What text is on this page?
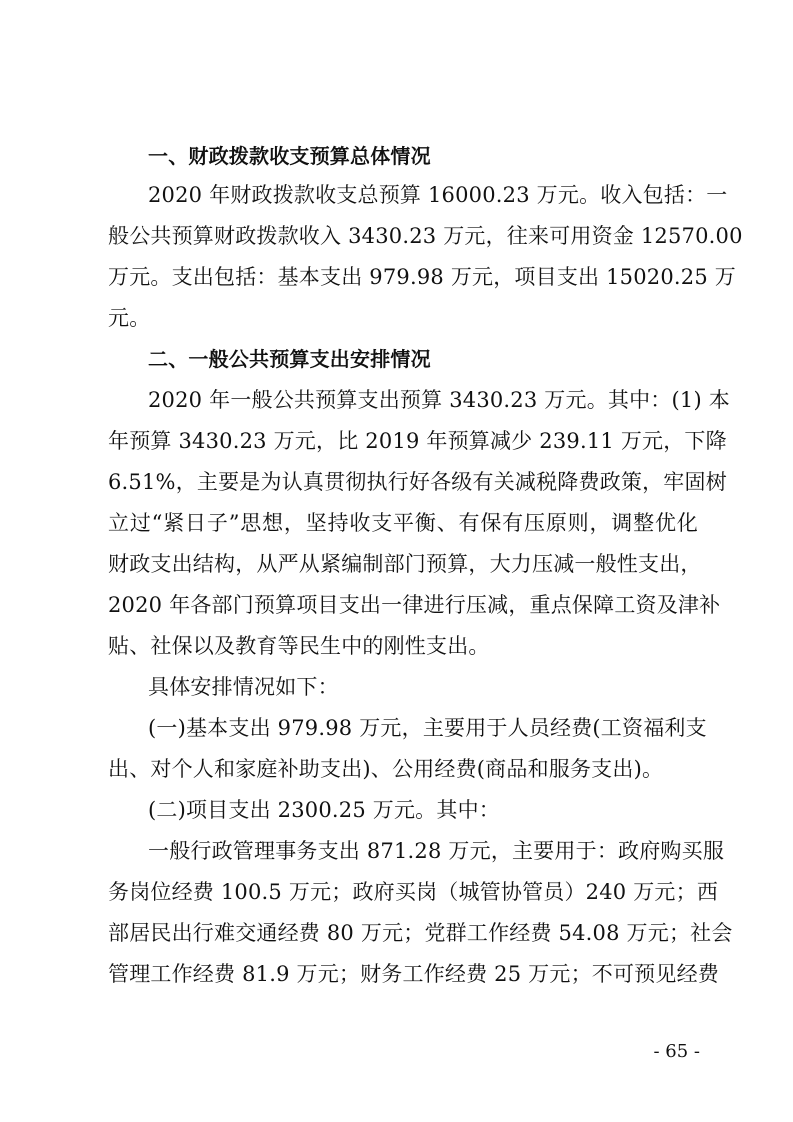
一、财政拨款收支预算总体情况
2020 年财政拨款收支总预算 16000.23 万元。收入包括：一
般公共预算财政拨款收入 3430.23 万元，往来可用资金 12570.00
万元。支出包括：基本支出 979.98 万元，项目支出 15020.25 万
元。
二、一般公共预算支出安排情况
2020 年一般公共预算支出预算 3430.23 万元。其中：(1) 本
年预算 3430.23 万元，比 2019 年预算减少 239.11 万元，下降
6.51%，主要是为认真贯彻执行好各级有关减税降费政策，牢固树
立过“紧日子”思想，坚持收支平衡、有保有压原则，调整优化
财政支出结构，从严从紧编制部门预算，大力压减一般性支出，
2020 年各部门预算项目支出一律进行压减，重点保障工资及津补
贴、社保以及教育等民生中的刚性支出。
具体安排情况如下：
(一)基本支出 979.98 万元，主要用于人员经费(工资福利支
出、对个人和家庭补助支出)、公用经费(商品和服务支出)。
(二)项目支出 2300.25 万元。其中：
一般行政管理事务支出 871.28 万元，主要用于：政府购买服
务岗位经费 100.5 万元；政府买岗（城管协管员）240 万元；西
部居民出行难交通经费 80 万元；党群工作经费 54.08 万元；社会
管理工作经费 81.9 万元；财务工作经费 25 万元；不可预见经费
- 65 -
